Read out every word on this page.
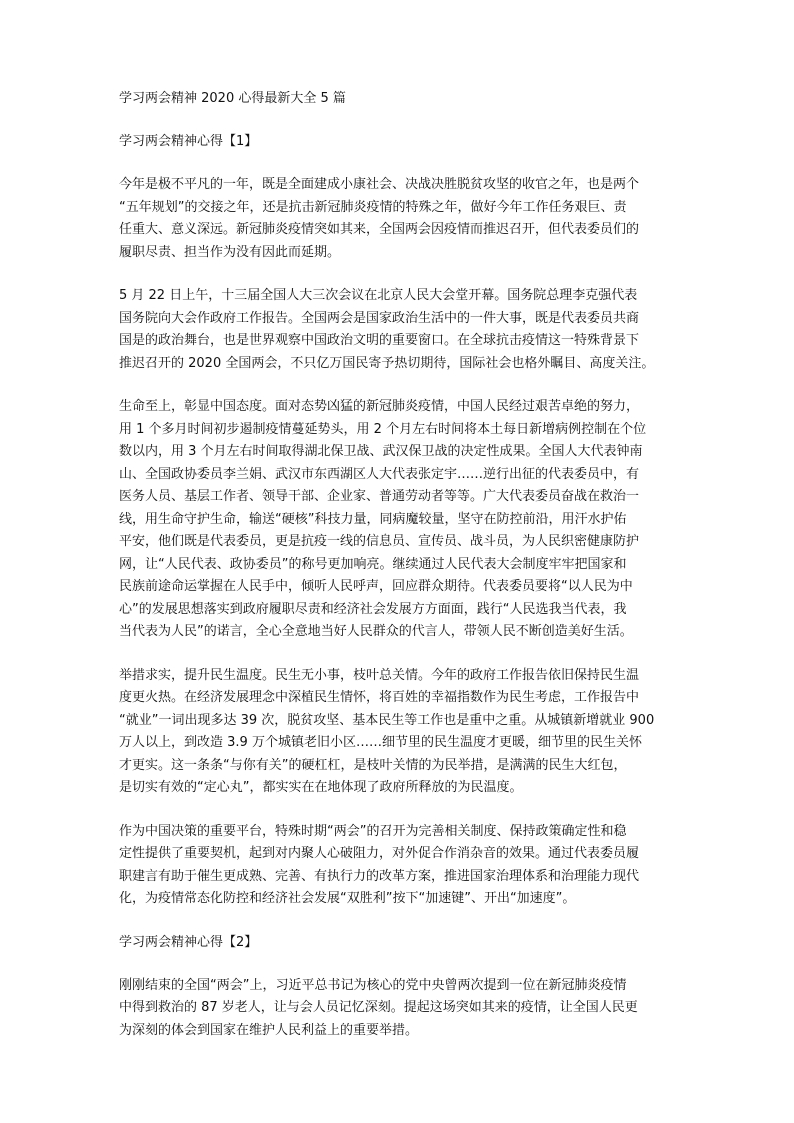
学习两会精神 2020 心得最新大全 5 篇

学习两会精神心得【1】

今年是极不平凡的一年，既是全面建成小康社会、决战决胜脱贫攻坚的收官之年，也是两个
“五年规划”的交接之年，还是抗击新冠肺炎疫情的特殊之年，做好今年工作任务艰巨、责
任重大、意义深远。新冠肺炎疫情突如其来，全国两会因疫情而推迟召开，但代表委员们的
履职尽责、担当作为没有因此而延期。

5 月 22 日上午，十三届全国人大三次会议在北京人民大会堂开幕。国务院总理李克强代表
国务院向大会作政府工作报告。全国两会是国家政治生活中的一件大事，既是代表委员共商
国是的政治舞台，也是世界观察中国政治文明的重要窗口。在全球抗击疫情这一特殊背景下
推迟召开的 2020 全国两会，不只亿万国民寄予热切期待，国际社会也格外瞩目、高度关注。

生命至上，彰显中国态度。面对态势凶猛的新冠肺炎疫情，中国人民经过艰苦卓绝的努力，
用 1 个多月时间初步遏制疫情蔓延势头，用 2 个月左右时间将本土每日新增病例控制在个位
数以内，用 3 个月左右时间取得湖北保卫战、武汉保卫战的决定性成果。全国人大代表钟南
山、全国政协委员李兰娟、武汉市东西湖区人大代表张定宇……逆行出征的代表委员中，有
医务人员、基层工作者、领导干部、企业家、普通劳动者等等。广大代表委员奋战在救治一
线，用生命守护生命，输送“硬核”科技力量，同病魔较量，坚守在防控前沿，用汗水护佑
平安，他们既是代表委员，更是抗疫一线的信息员、宣传员、战斗员，为人民织密健康防护
网，让“人民代表、政协委员”的称号更加响亮。继续通过人民代表大会制度牢牢把国家和
民族前途命运掌握在人民手中，倾听人民呼声，回应群众期待。代表委员要将“以人民为中
心”的发展思想落实到政府履职尽责和经济社会发展方方面面，践行“人民选我当代表，我
当代表为人民”的诺言，全心全意地当好人民群众的代言人，带领人民不断创造美好生活。

举措求实，提升民生温度。民生无小事，枝叶总关情。今年的政府工作报告依旧保持民生温
度更火热。在经济发展理念中深植民生情怀，将百姓的幸福指数作为民生考虑，工作报告中
“就业”一词出现多达 39 次，脱贫攻坚、基本民生等工作也是重中之重。从城镇新增就业 900
万人以上，到改造 3.9 万个城镇老旧小区……细节里的民生温度才更暖，细节里的民生关怀
才更实。这一条条“与你有关”的硬杠杠，是枝叶关情的为民举措，是满满的民生大红包，
是切实有效的“定心丸”，都实实在在地体现了政府所释放的为民温度。

作为中国决策的重要平台，特殊时期“两会”的召开为完善相关制度、保持政策确定性和稳
定性提供了重要契机，起到对内聚人心破阻力，对外促合作消杂音的效果。通过代表委员履
职建言有助于催生更成熟、完善、有执行力的改革方案，推进国家治理体系和治理能力现代
化，为疫情常态化防控和经济社会发展“双胜利”按下“加速键”、开出“加速度”。

学习两会精神心得【2】

刚刚结束的全国“两会”上，习近平总书记为核心的党中央曾两次提到一位在新冠肺炎疫情
中得到救治的 87 岁老人，让与会人员记忆深刻。提起这场突如其来的疫情，让全国人民更
为深刻的体会到国家在维护人民利益上的重要举措。
